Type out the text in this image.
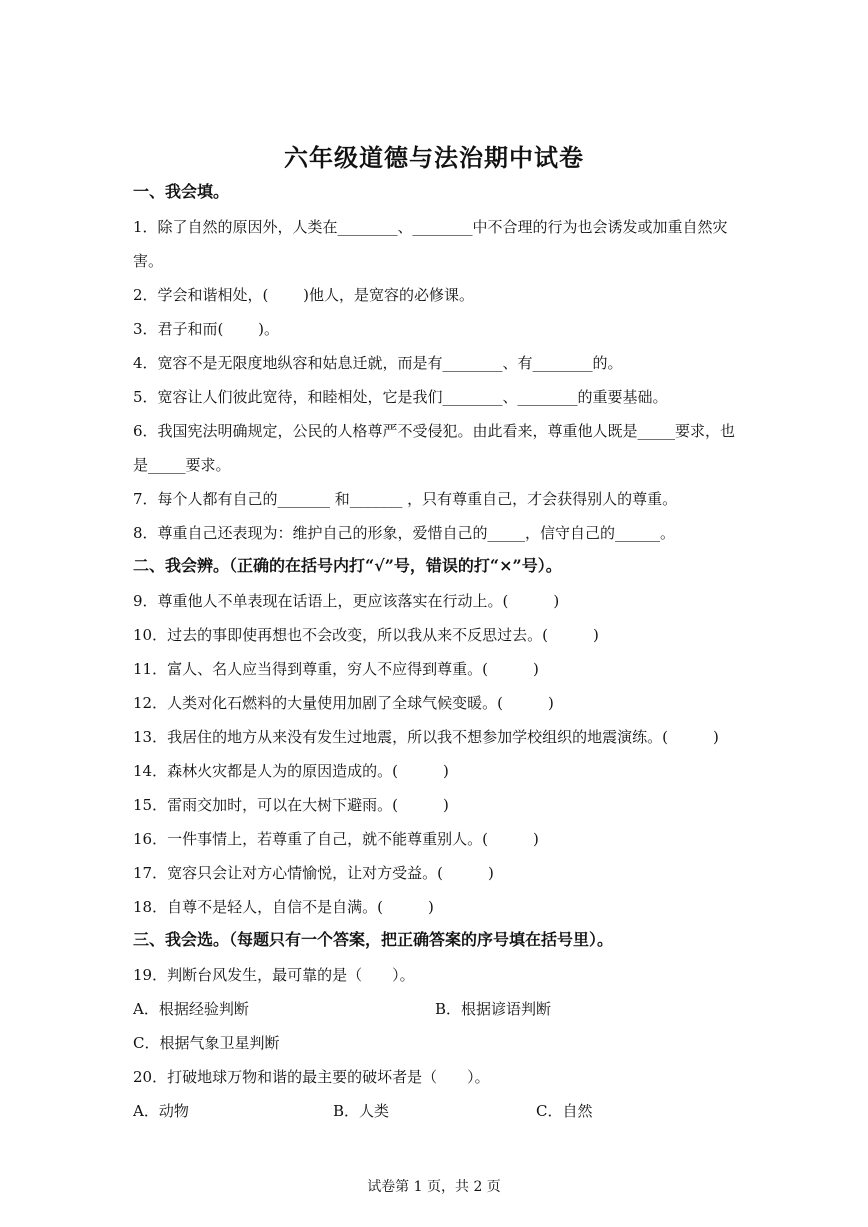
六年级道德与法治期中试卷
一、我会填。
1．除了自然的原因外，人类在________、________中不合理的行为也会诱发或加重自然灾
害。
2．学会和谐相处，(　　 )他人，是宽容的必修课。
3．君子和而(　　 )。
4．宽容不是无限度地纵容和姑息迁就，而是有________、有________的。
5．宽容让人们彼此宽待，和睦相处，它是我们________、________的重要基础。
6．我国宪法明确规定，公民的人格尊严不受侵犯。由此看来，尊重他人既是_____要求，也
是_____要求。
7．每个人都有自己的_______ 和_______ ，只有尊重自己，才会获得别人的尊重。
8．尊重自己还表现为：维护自己的形象，爱惜自己的_____，信守自己的______。
二、我会辨。（正确的在括号内打“√”号，错误的打“×”号）。
9．尊重他人不单表现在话语上，更应该落实在行动上。(　　　)
10．过去的事即使再想也不会改变，所以我从来不反思过去。(　　　)
11．富人、名人应当得到尊重，穷人不应得到尊重。(　　　)
12．人类对化石燃料的大量使用加剧了全球气候变暖。(　　　)
13．我居住的地方从来没有发生过地震，所以我不想参加学校组织的地震演练。(　　　)
14．森林火灾都是人为的原因造成的。(　　　)
15．雷雨交加时，可以在大树下避雨。(　　　)
16．一件事情上，若尊重了自己，就不能尊重别人。(　　　)
17．宽容只会让对方心情愉悦，让对方受益。(　　　)
18．自尊不是轻人，自信不是自满。(　　　)
三、我会选。（每题只有一个答案，把正确答案的序号填在括号里）。
19．判断台风发生，最可靠的是（　　）。
A．根据经验判断	B．根据谚语判断
C．根据气象卫星判断
20．打破地球万物和谐的最主要的破坏者是（　　）。
A．动物	B．人类	C．自然
试卷第 1 页，共 2 页
